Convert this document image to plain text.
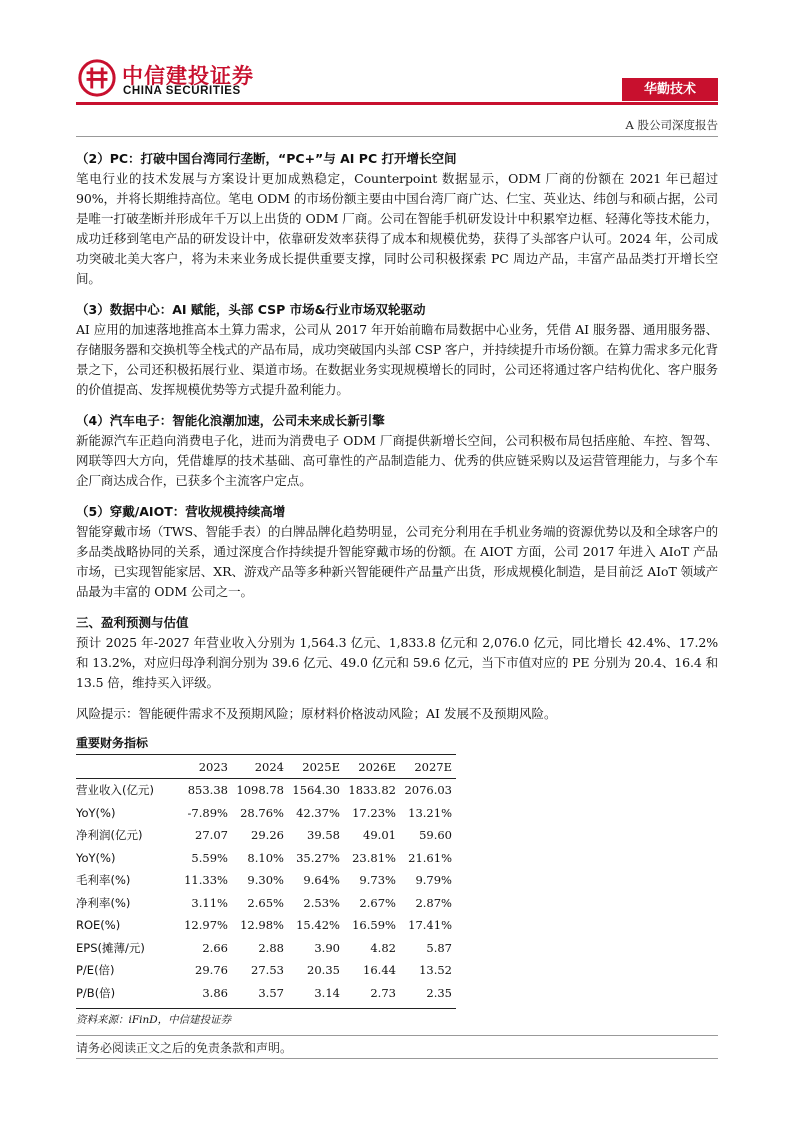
中信建投证券
CHINA SECURITIES	华勤技术
A 股公司深度报告

（2）PC：打破中国台湾同行垄断，“PC+”与 AI PC 打开增长空间

笔电行业的技术发展与方案设计更加成熟稳定，Counterpoint 数据显示，ODM 厂商的份额在 2021 年已超过 90%，并将长期维持高位。笔电 ODM 的市场份额主要由中国台湾厂商广达、仁宝、英业达、纬创与和硕占据，公司是唯一打破垄断并形成年千万以上出货的 ODM 厂商。公司在智能手机研发设计中积累窄边框、轻薄化等技术能力，成功迁移到笔电产品的研发设计中，依靠研发效率获得了成本和规模优势，获得了头部客户认可。2024 年，公司成功突破北美大客户，将为未来业务成长提供重要支撑，同时公司积极探索 PC 周边产品，丰富产品品类打开增长空间。

（3）数据中心：AI 赋能，头部 CSP 市场&行业市场双轮驱动

AI 应用的加速落地推高本土算力需求，公司从 2017 年开始前瞻布局数据中心业务，凭借 AI 服务器、通用服务器、存储服务器和交换机等全栈式的产品布局，成功突破国内头部 CSP 客户，并持续提升市场份额。在算力需求多元化背景之下，公司还积极拓展行业、渠道市场。在数据业务实现规模增长的同时，公司还将通过客户结构优化、客户服务的价值提高、发挥规模优势等方式提升盈利能力。

（4）汽车电子：智能化浪潮加速，公司未来成长新引擎

新能源汽车正趋向消费电子化，进而为消费电子 ODM 厂商提供新增长空间，公司积极布局包括座舱、车控、智驾、网联等四大方向，凭借雄厚的技术基础、高可靠性的产品制造能力、优秀的供应链采购以及运营管理能力，与多个车企厂商达成合作，已获多个主流客户定点。

（5）穿戴/AIOT：营收规模持续高增

智能穿戴市场（TWS、智能手表）的白牌品牌化趋势明显，公司充分利用在手机业务端的资源优势以及和全球客户的多品类战略协同的关系，通过深度合作持续提升智能穿戴市场的份额。在 AIOT 方面，公司 2017 年进入 AIoT 产品市场，已实现智能家居、XR、游戏产品等多种新兴智能硬件产品量产出货，形成规模化制造，是目前泛 AIoT 领域产品最为丰富的 ODM 公司之一。

三、盈利预测与估值

预计 2025 年-2027 年营业收入分别为 1,564.3 亿元、1,833.8 亿元和 2,076.0 亿元，同比增长 42.4%、17.2%和 13.2%，对应归母净利润分别为 39.6 亿元、49.0 亿元和 59.6 亿元，当下市值对应的 PE 分别为 20.4、16.4 和 13.5 倍，维持买入评级。

风险提示：智能硬件需求不及预期风险；原材料价格波动风险；AI 发展不及预期风险。

重要财务指标

	2023	2024	2025E	2026E	2027E
营业收入(亿元)	853.38	1098.78	1564.30	1833.82	2076.03
YoY(%)	-7.89%	28.76%	42.37%	17.23%	13.21%
净利润(亿元)	27.07	29.26	39.58	49.01	59.60
YoY(%)	5.59%	8.10%	35.27%	23.81%	21.61%
毛利率(%)	11.33%	9.30%	9.64%	9.73%	9.79%
净利率(%)	3.11%	2.65%	2.53%	2.67%	2.87%
ROE(%)	12.97%	12.98%	15.42%	16.59%	17.41%
EPS(摊薄/元)	2.66	2.88	3.90	4.82	5.87
P/E(倍)	29.76	27.53	20.35	16.44	13.52
P/B(倍)	3.86	3.57	3.14	2.73	2.35
资料来源：iFinD，中信建投证券
请务必阅读正文之后的免责条款和声明。
